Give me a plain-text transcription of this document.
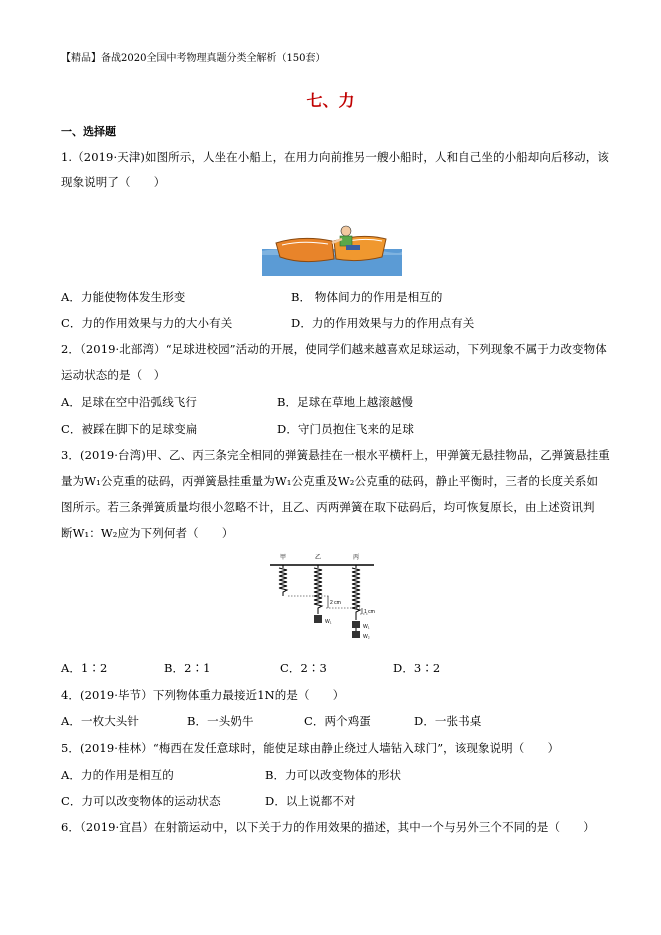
【精品】备战2020全国中考物理真题分类全解析（150套）
七、力
一、选择题
1.（2019·天津)如图所示，人坐在小船上，在用力向前推另一艘小船时，人和自己坐的小船却向后移动，该
现象说明了（　　）
A．力能使物体发生形变	B． 物体间力的作用是相互的
C．力的作用效果与力的大小有关	D．力的作用效果与力的作用点有关
2．（2019·北部湾）“足球进校园”活动的开展，使同学们越来越喜欢足球运动，下列现象不属于力改变物体
运动状态的是（　）
A．足球在空中沿弧线飞行	B．足球在草地上越滚越慢
C．被踩在脚下的足球变扁	D．守门员抱住飞来的足球
3．(2019·台湾)甲、乙、丙三条完全相同的弹簧悬挂在一根水平横杆上，甲弹簧无悬挂物品，乙弹簧悬挂重
量为W₁公克重的砝码，丙弹簧悬挂重量为W₁公克重及W₂公克重的砝码，静止平衡时，三者的长度关系如
图所示。若三条弹簧质量均很小忽略不计，且乙、丙两弹簧在取下砝码后，均可恢复原长，由上述资讯判
断W₁：W₂应为下列何者（　　）
甲	乙	丙
W₁
W₁
W₂
2 cm
1 cm
A．1∶2	B．2∶1	C．2∶3	D．3∶2
4．(2019·毕节）下列物体重力最接近1N的是（　　）
A．一枚大头针	B．一头奶牛	C．两个鸡蛋	D．一张书桌
5．(2019·桂林）“梅西在发任意球时，能使足球由静止绕过人墙钻入球门”，该现象说明（　　）
A．力的作用是相互的	B．力可以改变物体的形状
C．力可以改变物体的运动状态	D．以上说都不对
6．（2019·宜昌）在射箭运动中，以下关于力的作用效果的描述，其中一个与另外三个不同的是（　　）
